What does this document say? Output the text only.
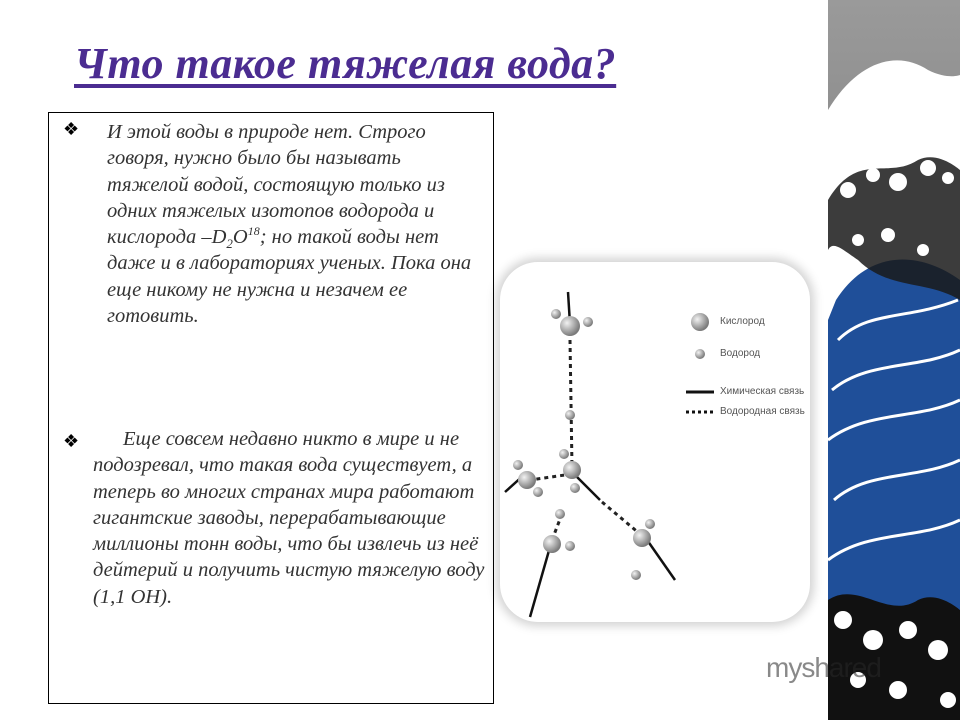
Что такое тяжелая вода?
❖ И этой воды в природе нет. Строго говоря, нужно было бы называть тяжелой водой, состоящую только из одних тяжелых изотопов водорода и кислорода $-D_2O^{18}$; но такой воды нет даже и в лабораториях ученых. Пока она еще никому не нужна и незачем ее готовить.
❖	Еще совсем недавно никто в мире и не подозревал, что такая вода существует, а теперь во многих странах мира работают гигантские заводы, перерабатывающие миллионы тонн воды, что бы извлечь из неё дейтерий и получить чистую тяжелую воду (1,1 ОН).
Кислород
Водород
Химическая связь
Водородная связь
myshared
